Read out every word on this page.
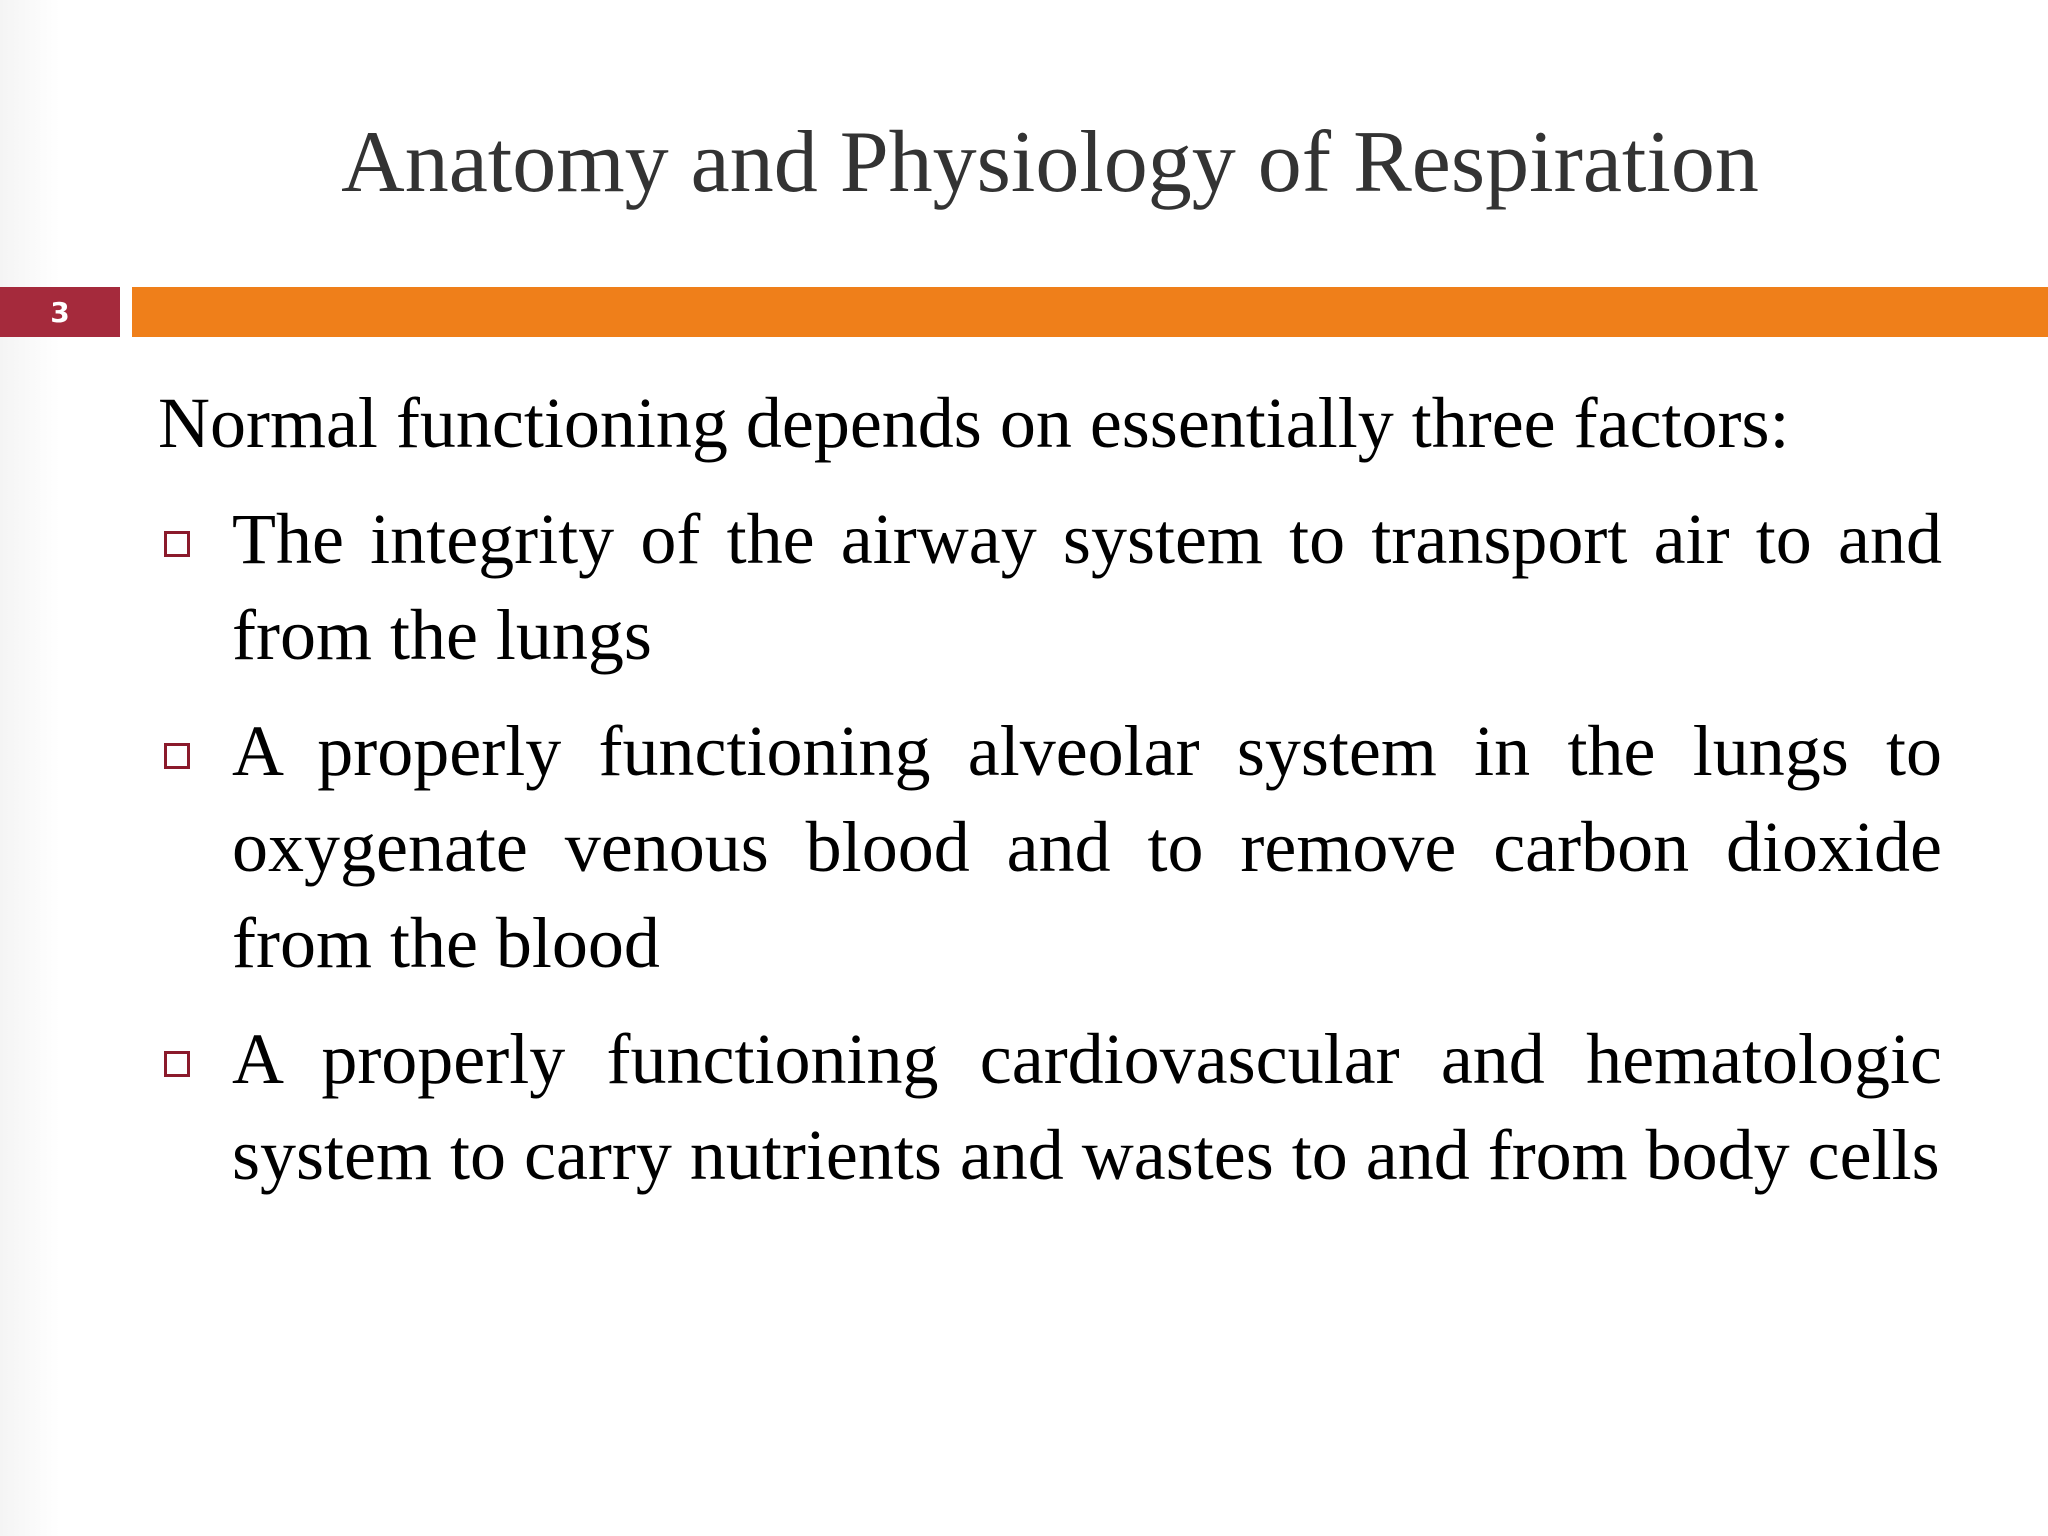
Anatomy and Physiology of Respiration
3

Normal functioning depends on essentially three factors:

The integrity of the airway system to transport air to and from the lungs
A properly functioning alveolar system in the lungs to oxygenate venous blood and to remove carbon dioxide from the blood
A properly functioning cardiovascular and hematologic system to carry nutrients and wastes to and from body cells
